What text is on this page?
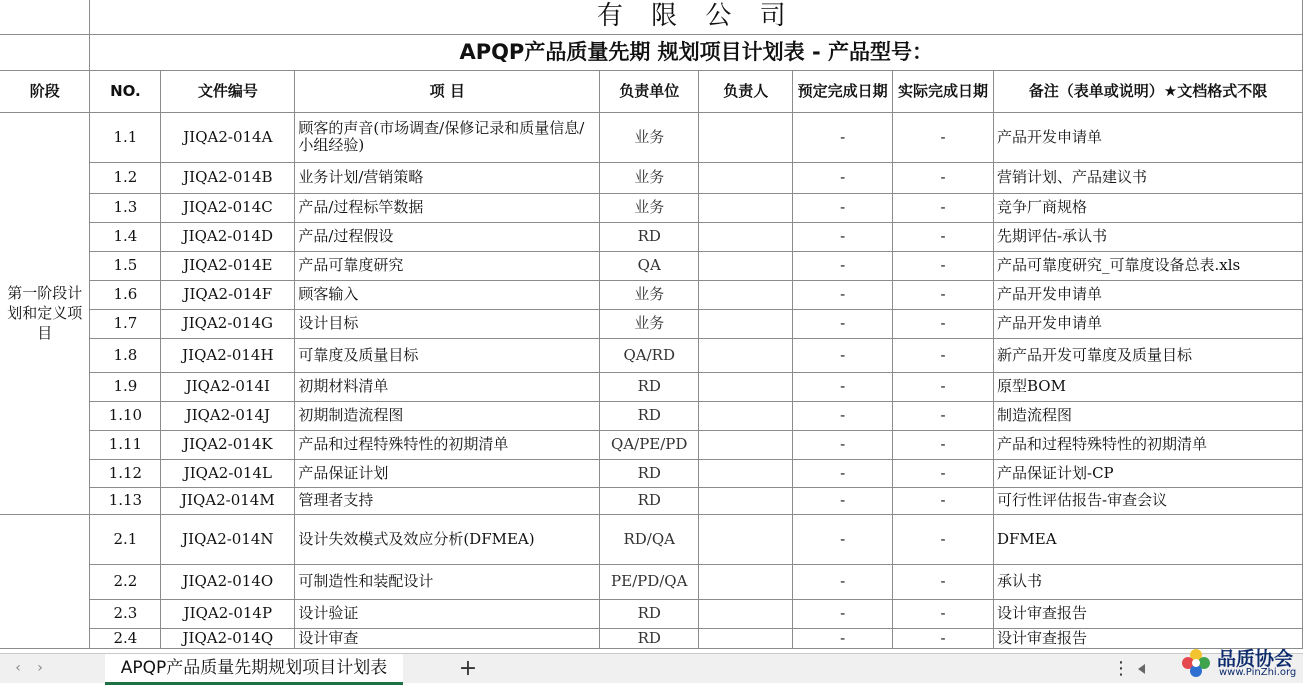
	有 限 公 司							
	APQP产品质量先期 规划项目计划表 - 产品型号：							
阶段	NO.	文件编号	项 目	负责单位	负责人	预定完成日期	实际完成日期	备注（表单或说明）★文档格式不限
第一阶段计划和定义项目	1.1	JIQA2-014A	顾客的声音(市场调查/保修记录和质量信息/小组经验)	业务		-	-	产品开发申请单
	1.2	JIQA2-014B	业务计划/营销策略	业务		-	-	营销计划、产品建议书
	1.3	JIQA2-014C	产品/过程标竿数据	业务		-	-	竞争厂商规格
	1.4	JIQA2-014D	产品/过程假设	RD		-	-	先期评估-承认书
	1.5	JIQA2-014E	产品可靠度研究	QA		-	-	产品可靠度研究_可靠度设备总表.xls
	1.6	JIQA2-014F	顾客输入	业务		-	-	产品开发申请单
	1.7	JIQA2-014G	设计目标	业务		-	-	产品开发申请单
	1.8	JIQA2-014H	可靠度及质量目标	QA/RD		-	-	新产品开发可靠度及质量目标
	1.9	JIQA2-014I	初期材料清单	RD		-	-	原型BOM
	1.10	JIQA2-014J	初期制造流程图	RD		-	-	制造流程图
	1.11	JIQA2-014K	产品和过程特殊特性的初期清单	QA/PE/PD		-	-	产品和过程特殊特性的初期清单
	1.12	JIQA2-014L	产品保证计划	RD		-	-	产品保证计划-CP
	1.13	JIQA2-014M	管理者支持	RD		-	-	可行性评估报告-审查会议
	2.1	JIQA2-014N	设计失效模式及效应分析(DFMEA)	RD/QA		-	-	DFMEA
	2.2	JIQA2-014O	可制造性和装配设计	PE/PD/QA		-	-	承认书
	2.3	JIQA2-014P	设计验证	RD		-	-	设计审查报告
	2.4	JIQA2-014Q	设计审查	RD		-	-	设计审查报告
‹	›	APQP产品质量先期规划项目计划表	+	⋮	品质协会
www.PinZhi.org
